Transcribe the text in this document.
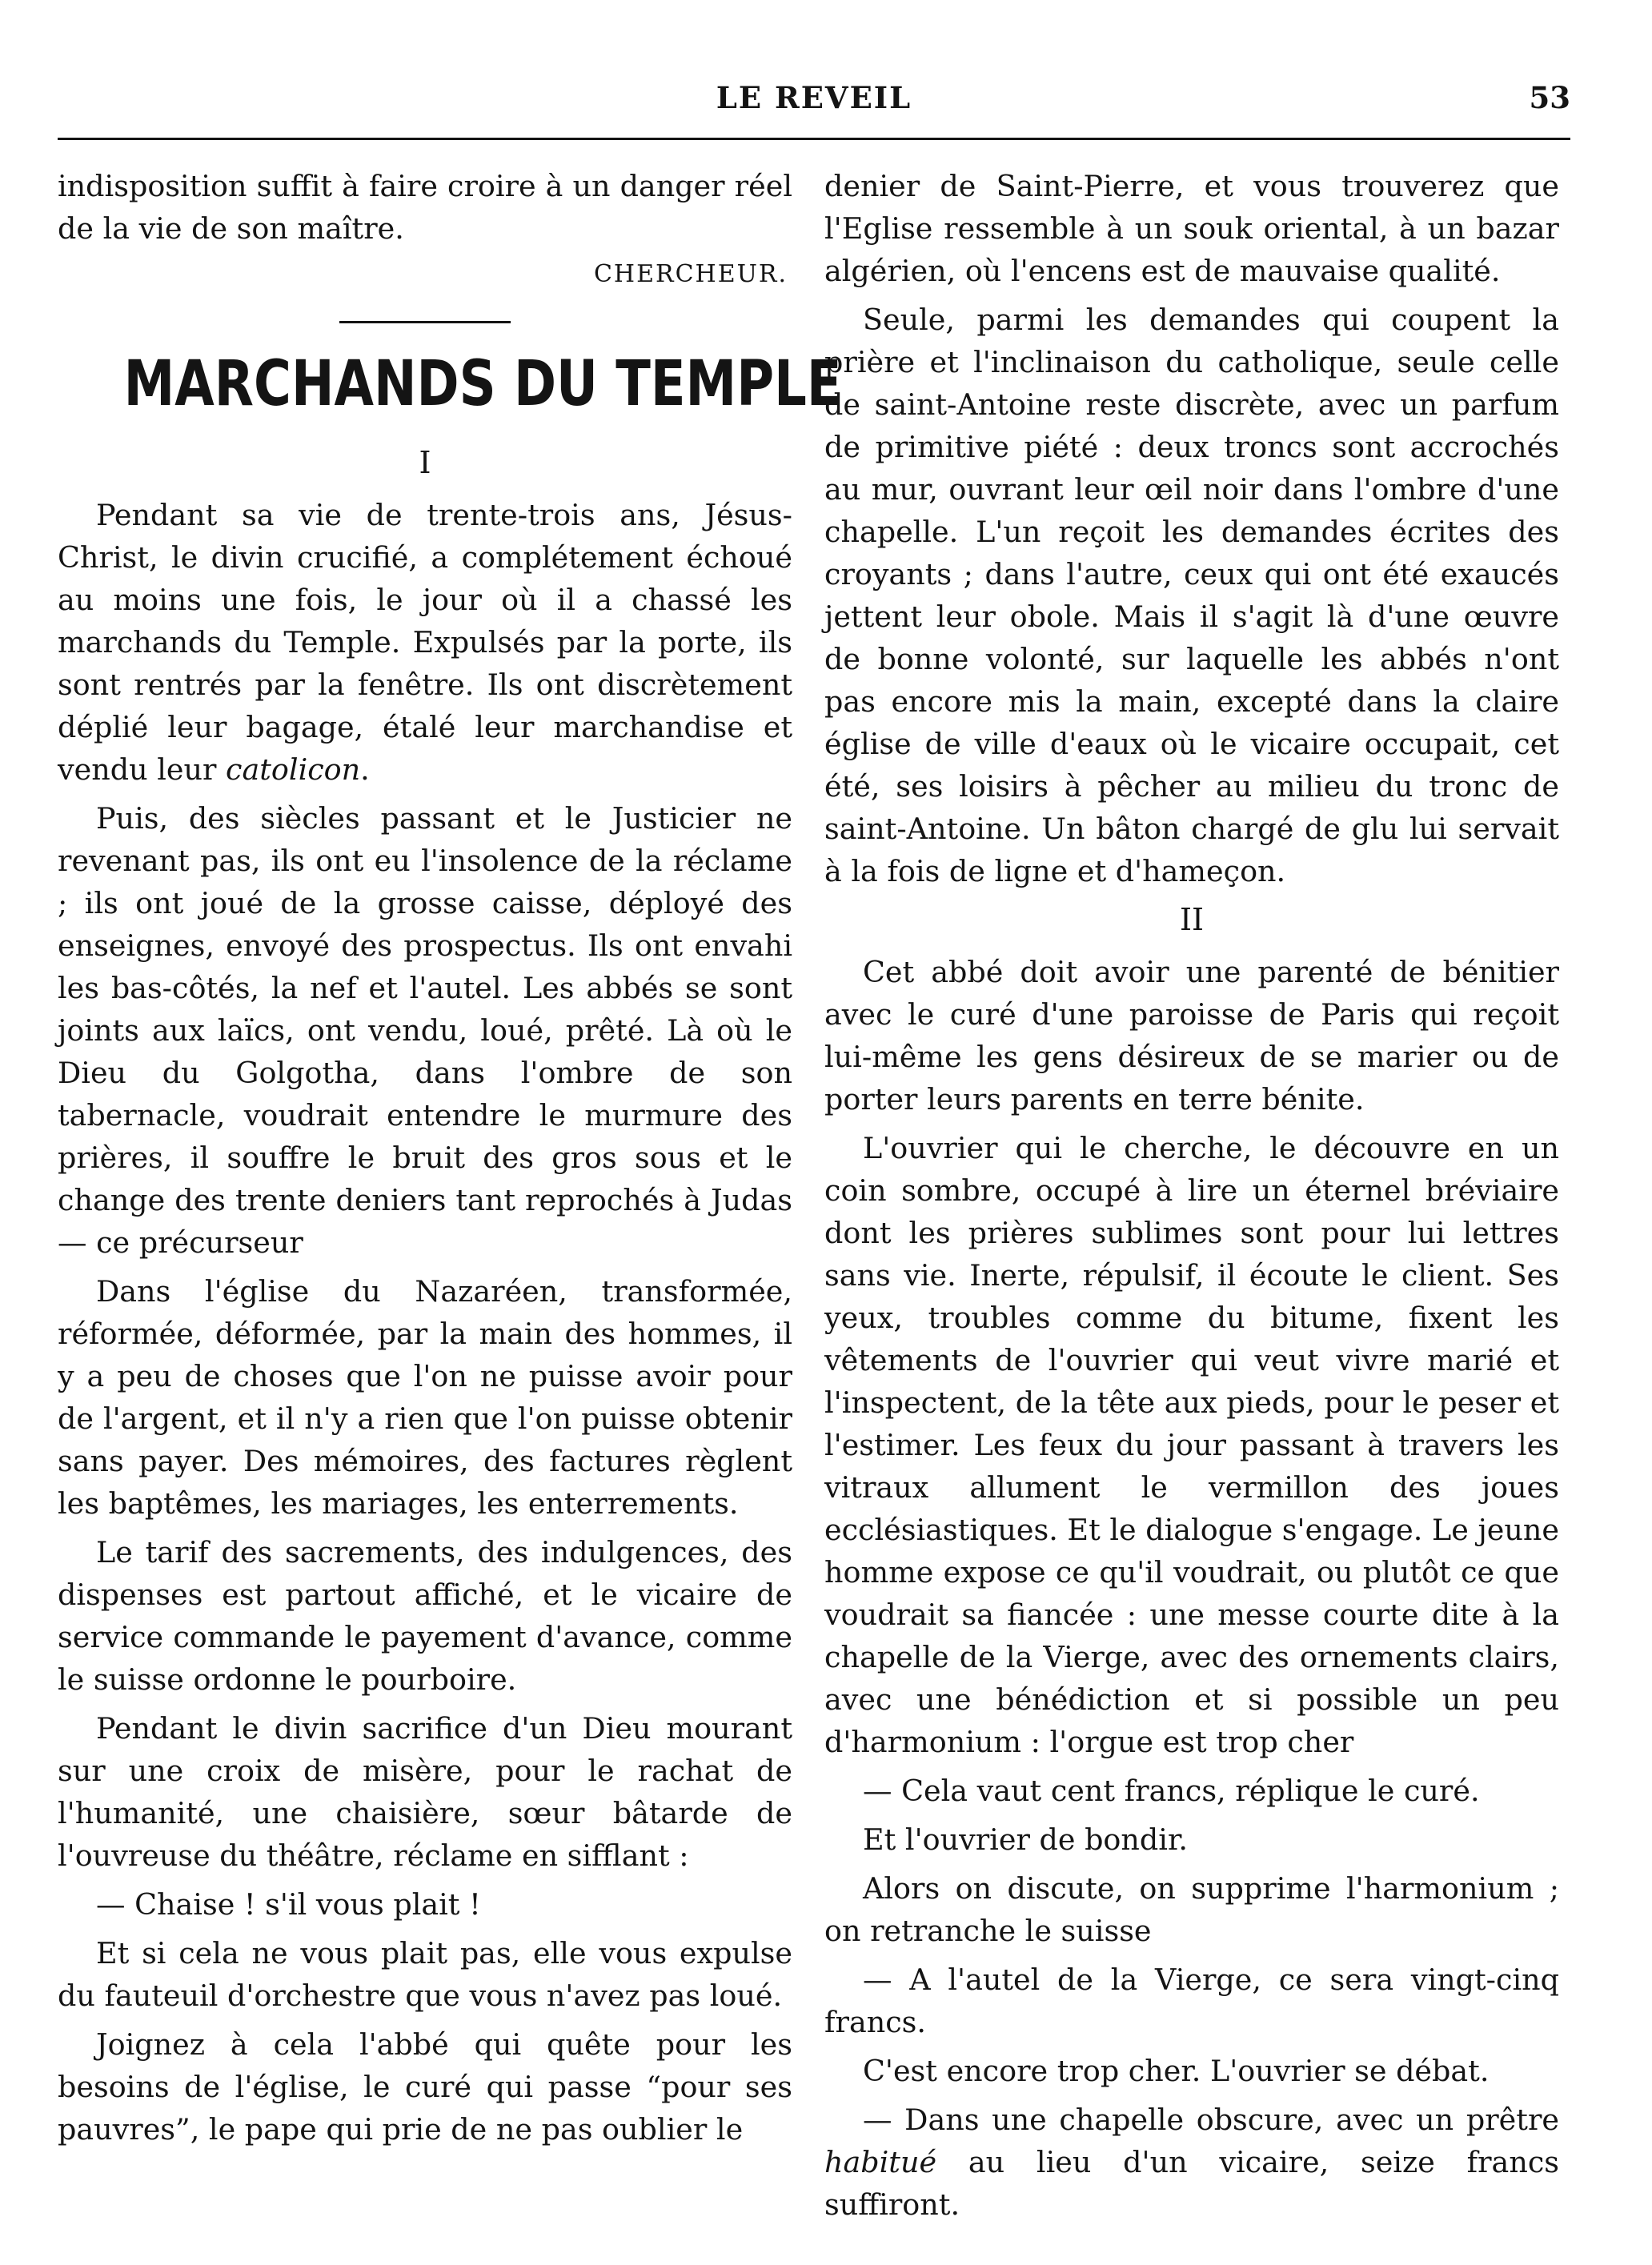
LE REVEIL	53

indisposition suffit à faire croire à un danger réel de la vie de son maître.

CHERCHEUR.
MARCHANDS DU TEMPLE
I

Pendant sa vie de trente-trois ans, Jésus-Christ, le divin crucifié, a complétement échoué au moins une fois, le jour où il a chassé les marchands du Temple. Expulsés par la porte, ils sont rentrés par la fenêtre. Ils ont discrètement déplié leur bagage, étalé leur marchandise et vendu leur catolicon.

Puis, des siècles passant et le Justicier ne revenant pas, ils ont eu l'insolence de la réclame ; ils ont joué de la grosse caisse, déployé des enseignes, envoyé des prospectus. Ils ont envahi les bas-côtés, la nef et l'autel. Les abbés se sont joints aux laïcs, ont vendu, loué, prêté. Là où le Dieu du Golgotha, dans l'ombre de son tabernacle, voudrait entendre le murmure des prières, il souffre le bruit des gros sous et le change des trente deniers tant reprochés à Judas — ce précurseur

Dans l'église du Nazaréen, transformée, réformée, déformée, par la main des hommes, il y a peu de choses que l'on ne puisse avoir pour de l'argent, et il n'y a rien que l'on puisse obtenir sans payer. Des mémoires, des factures règlent les baptêmes, les mariages, les enterrements.

Le tarif des sacrements, des indulgences, des dispenses est partout affiché, et le vicaire de service commande le payement d'avance, comme le suisse ordonne le pourboire.

Pendant le divin sacrifice d'un Dieu mourant sur une croix de misère, pour le rachat de l'humanité, une chaisière, sœur bâtarde de l'ouvreuse du théâtre, réclame en sifflant :

— Chaise ! s'il vous plait !

Et si cela ne vous plait pas, elle vous expulse du fauteuil d'orchestre que vous n'avez pas loué.

Joignez à cela l'abbé qui quête pour les besoins de l'église, le curé qui passe “pour ses pauvres”, le pape qui prie de ne pas oublier le

denier de Saint-Pierre, et vous trouverez que l'Eglise ressemble à un souk oriental, à un bazar algérien, où l'encens est de mauvaise qualité.

Seule, parmi les demandes qui coupent la prière et l'inclinaison du catholique, seule celle de saint-Antoine reste discrète, avec un parfum de primitive piété : deux troncs sont accrochés au mur, ouvrant leur œil noir dans l'ombre d'une chapelle. L'un reçoit les demandes écrites des croyants ; dans l'autre, ceux qui ont été exaucés jettent leur obole. Mais il s'agit là d'une œuvre de bonne volonté, sur laquelle les abbés n'ont pas encore mis la main, excepté dans la claire église de ville d'eaux où le vicaire occupait, cet été, ses loisirs à pêcher au milieu du tronc de saint-Antoine. Un bâton chargé de glu lui servait à la fois de ligne et d'hameçon.

II

Cet abbé doit avoir une parenté de bénitier avec le curé d'une paroisse de Paris qui reçoit lui-même les gens désireux de se marier ou de porter leurs parents en terre bénite.

L'ouvrier qui le cherche, le découvre en un coin sombre, occupé à lire un éternel bréviaire dont les prières sublimes sont pour lui lettres sans vie. Inerte, répulsif, il écoute le client. Ses yeux, troubles comme du bitume, fixent les vêtements de l'ouvrier qui veut vivre marié et l'inspectent, de la tête aux pieds, pour le peser et l'estimer. Les feux du jour passant à travers les vitraux allument le vermillon des joues ecclésiastiques. Et le dialogue s'engage. Le jeune homme expose ce qu'il voudrait, ou plutôt ce que voudrait sa fiancée : une messe courte dite à la chapelle de la Vierge, avec des ornements clairs, avec une bénédiction et si possible un peu d'harmonium : l'orgue est trop cher

— Cela vaut cent francs, réplique le curé.

Et l'ouvrier de bondir.

Alors on discute, on supprime l'harmonium ; on retranche le suisse

— A l'autel de la Vierge, ce sera vingt-cinq francs.

C'est encore trop cher. L'ouvrier se débat.

— Dans une chapelle obscure, avec un prêtre habitué au lieu d'un vicaire, seize francs suffiront.
